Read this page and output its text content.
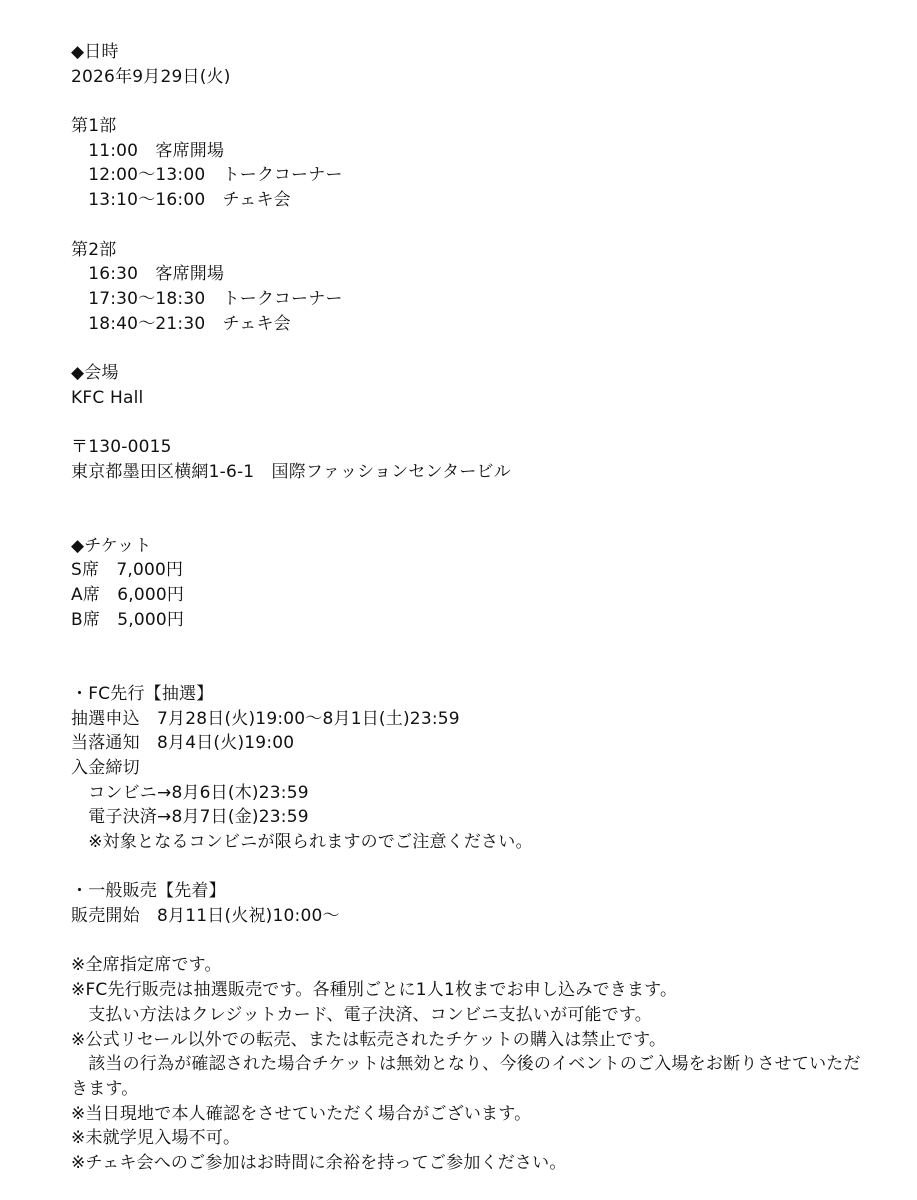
◆日時
2026年9月29日(火)
第1部
　11:00　客席開場
　12:00〜13:00　トークコーナー
　13:10〜16:00　チェキ会
第2部
　16:30　客席開場
　17:30〜18:30　トークコーナー
　18:40〜21:30　チェキ会
◆会場
KFC Hall
〒130-0015
東京都墨田区横網1-6-1　国際ファッションセンタービル
◆チケット
S席　7,000円
A席　6,000円
B席　5,000円
・FC先行【抽選】
抽選申込　7月28日(火)19:00〜8月1日(土)23:59
当落通知　8月4日(火)19:00
入金締切
　コンビニ→8月6日(木)23:59
　電子決済→8月7日(金)23:59
　※対象となるコンビニが限られますのでご注意ください。
・一般販売【先着】
販売開始　8月11日(火祝)10:00〜
※全席指定席です。
※FC先行販売は抽選販売です。各種別ごとに1人1枚までお申し込みできます。
　支払い方法はクレジットカード、電子決済、コンビニ支払いが可能です。
※公式リセール以外での転売、または転売されたチケットの購入は禁止です。
　該当の行為が確認された場合チケットは無効となり、今後のイベントのご入場をお断りさせていただきます。
※当日現地で本人確認をさせていただく場合がございます。
※未就学児入場不可。
※チェキ会へのご参加はお時間に余裕を持ってご参加ください。
